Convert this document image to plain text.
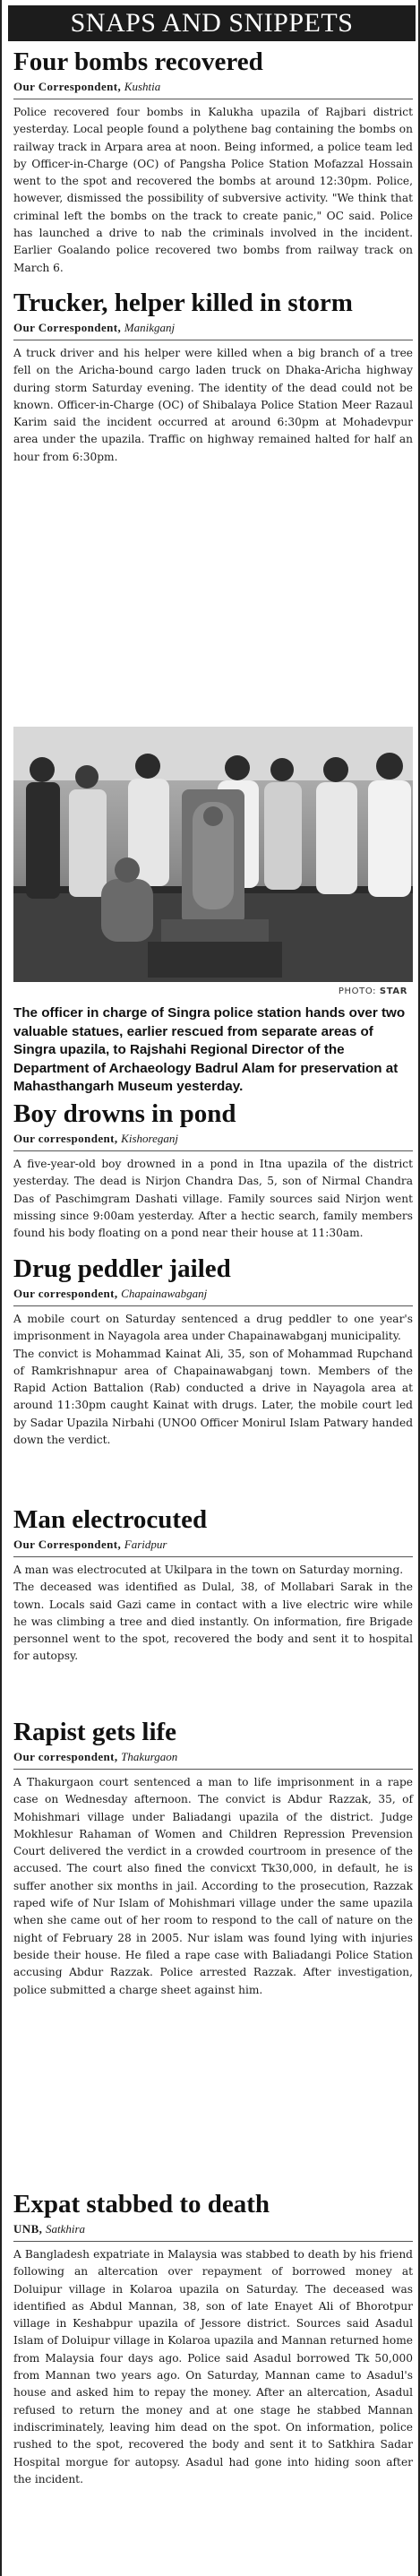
SNAPS AND SNIPPETS
Four bombs recovered
Our Correspondent, Kushtia

Police recovered four bombs in Kalukha upazila of Rajbari district yesterday. Local people found a polythene bag containing the bombs on railway track in Arpara area at noon. Being informed, a police team led by Officer-in-Charge (OC) of Pangsha Police Station Mofazzal Hossain went to the spot and recovered the bombs at around 12:30pm. Police, however, dismissed the possibility of subversive activity. "We think that criminal left the bombs on the track to create panic," OC said. Police has launched a drive to nab the criminals involved in the incident. Earlier Goalando police recovered two bombs from railway track on March 6.

Trucker, helper killed in storm
Our Correspondent, Manikganj

A truck driver and his helper were killed when a big branch of a tree fell on the Aricha-bound cargo laden truck on Dhaka-Aricha highway during storm Saturday evening. The identity of the dead could not be known. Officer-in-Charge (OC) of Shibalaya Police Station Meer Razaul Karim said the incident occurred at around 6:30pm at Mohadevpur area under the upazila. Traffic on highway remained halted for half an hour from 6:30pm.

PHOTO: STAR
The officer in charge of Singra police station hands over two valuable statues, earlier rescued from separate areas of Singra upazila, to Rajshahi Regional Director of the Department of Archaeology Badrul Alam for preservation at Mahasthangarh Museum yesterday.
Boy drowns in pond
Our correspondent, Kishoreganj

A five-year-old boy drowned in a pond in Itna upazila of the district yesterday. The dead is Nirjon Chandra Das, 5, son of Nirmal Chandra Das of Paschimgram Dashati village. Family sources said Nirjon went missing since 9:00am yesterday. After a hectic search, family members found his body floating on a pond near their house at 11:30am.

Drug peddler jailed
Our correspondent, Chapainawabganj

A mobile court on Saturday sentenced a drug peddler to one year's imprisonment in Nayagola area under Chapainawabganj municipality.

The convict is Mohammad Kainat Ali, 35, son of Mohammad Rupchand of Ramkrishnapur area of Chapainawabganj town. Members of the Rapid Action Battalion (Rab) conducted a drive in Nayagola area at around 11:30pm caught Kainat with drugs. Later, the mobile court led by Sadar Upazila Nirbahi (UNO0 Officer Monirul Islam Patwary handed down the verdict.

Man electrocuted
Our Correspondent, Faridpur

A man was electrocuted at Ukilpara in the town on Saturday morning.

The deceased was identified as Dulal, 38, of Mollabari Sarak in the town. Locals said Gazi came in contact with a live electric wire while he was climbing a tree and died instantly. On information, fire Brigade personnel went to the spot, recovered the body and sent it to hospital for autopsy.

Rapist gets life
Our correspondent, Thakurgaon

A Thakurgaon court sentenced a man to life imprisonment in a rape case on Wednesday afternoon. The convict is Abdur Razzak, 35, of Mohishmari village under Baliadangi upazila of the district. Judge Mokhlesur Rahaman of Women and Children Repression Prevension Court delivered the verdict in a crowded courtroom in presence of the accused. The court also fined the convicxt Tk30,000, in default, he is suffer another six months in jail. According to the prosecution, Razzak raped wife of Nur Islam of Mohishmari village under the same upazila when she came out of her room to respond to the call of nature on the night of February 28 in 2005. Nur islam was found lying with injuries beside their house. He filed a rape case with Baliadangi Police Station accusing Abdur Razzak. Police arrested Razzak. After investigation, police submitted a charge sheet against him.

Expat stabbed to death
UNB, Satkhira

A Bangladesh expatriate in Malaysia was stabbed to death by his friend following an altercation over repayment of borrowed money at Doluipur village in Kolaroa upazila on Saturday. The deceased was identified as Abdul Mannan, 38, son of late Enayet Ali of Bhorotpur village in Keshabpur upazila of Jessore district. Sources said Asadul Islam of Doluipur village in Kolaroa upazila and Mannan returned home from Malaysia four days ago. Police said Asadul borrowed Tk 50,000 from Mannan two years ago. On Saturday, Mannan came to Asadul's house and asked him to repay the money. After an altercation, Asadul refused to return the money and at one stage he stabbed Mannan indiscriminately, leaving him dead on the spot. On information, police rushed to the spot, recovered the body and sent it to Satkhira Sadar Hospital morgue for autopsy. Asadul had gone into hiding soon after the incident.
